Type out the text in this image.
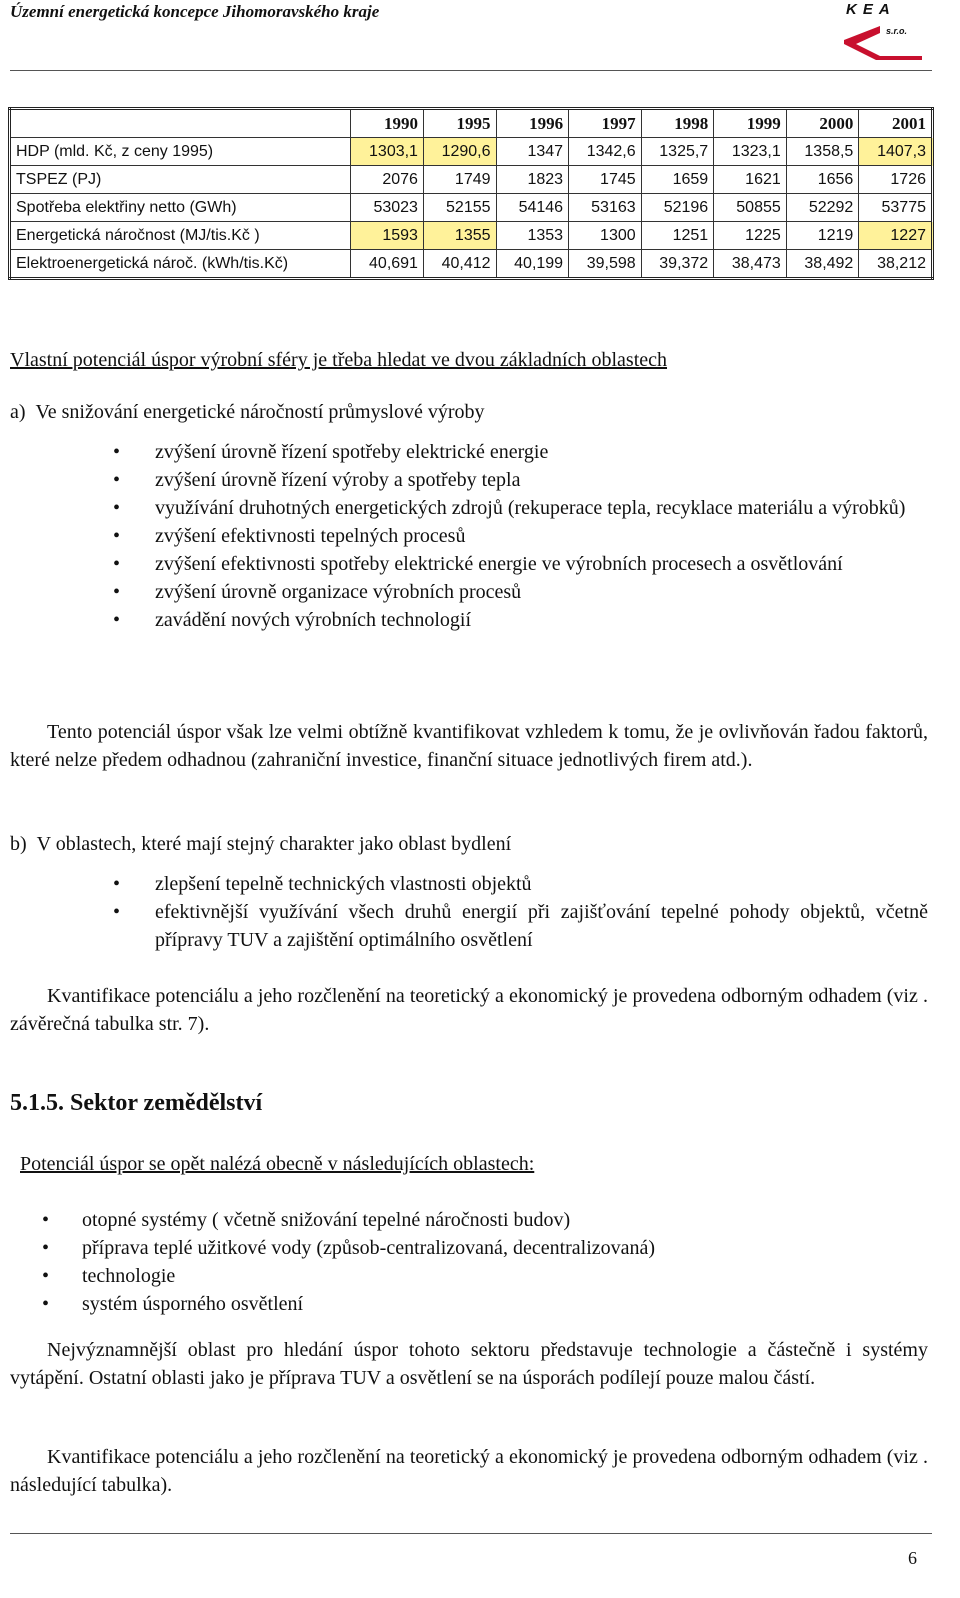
Územní energetická koncepce Jihomoravského kraje	KEA
s.r.o.
	1990	1995	1996	1997	1998	1999	2000	2001
HDP (mld. Kč, z ceny 1995)	1303,1	1290,6	1347	1342,6	1325,7	1323,1	1358,5	1407,3
TSPEZ (PJ)	2076	1749	1823	1745	1659	1621	1656	1726
Spotřeba elektřiny netto (GWh)	53023	52155	54146	53163	52196	50855	52292	53775
Energetická náročnost (MJ/tis.Kč )	1593	1355	1353	1300	1251	1225	1219	1227
Elektroenergetická nároč. (kWh/tis.Kč)	40,691	40,412	40,199	39,598	39,372	38,473	38,492	38,212
Vlastní potenciál úspor výrobní sféry je třeba hledat ve dvou základních oblastech
a)  Ve snižování energetické náročností průmyslové výroby
• zvýšení úrovně řízení spotřeby elektrické energie
• zvýšení úrovně řízení výroby a spotřeby tepla
• využívání druhotných energetických zdrojů (rekuperace tepla, recyklace materiálu a výrobků)
• zvýšení efektivnosti tepelných procesů
• zvýšení efektivnosti spotřeby elektrické energie ve výrobních procesech a osvětlování
• zvýšení úrovně organizace výrobních procesů
• zavádění nových výrobních technologií
Tento potenciál úspor však lze velmi obtížně kvantifikovat vzhledem k tomu, že je ovlivňován řadou faktorů, které nelze předem odhadnou (zahraniční investice, finanční situace jednotlivých firem atd.).
b)  V oblastech, které mají stejný charakter jako oblast bydlení
• zlepšení tepelně technických vlastnosti objektů
• efektivnější využívání všech druhů energií při zajišťování tepelné pohody objektů, včetně přípravy TUV a zajištění optimálního osvětlení
Kvantifikace potenciálu a jeho rozčlenění na teoretický a ekonomický je provedena odborným odhadem (viz . závěrečná tabulka str. 7).
5.1.5. Sektor zemědělství
Potenciál úspor se opět nalézá obecně v následujících oblastech:
• otopné systémy ( včetně snižování tepelné náročnosti budov)
• příprava teplé užitkové vody (způsob-centralizovaná, decentralizovaná)
• technologie
• systém úsporného osvětlení
Nejvýznamnější oblast pro hledání úspor tohoto sektoru představuje technologie a částečně i systémy vytápění. Ostatní oblasti jako je příprava TUV a osvětlení se na úsporách podílejí pouze malou částí.
Kvantifikace potenciálu a jeho rozčlenění na teoretický a ekonomický je provedena odborným odhadem (viz . následující tabulka).
6
